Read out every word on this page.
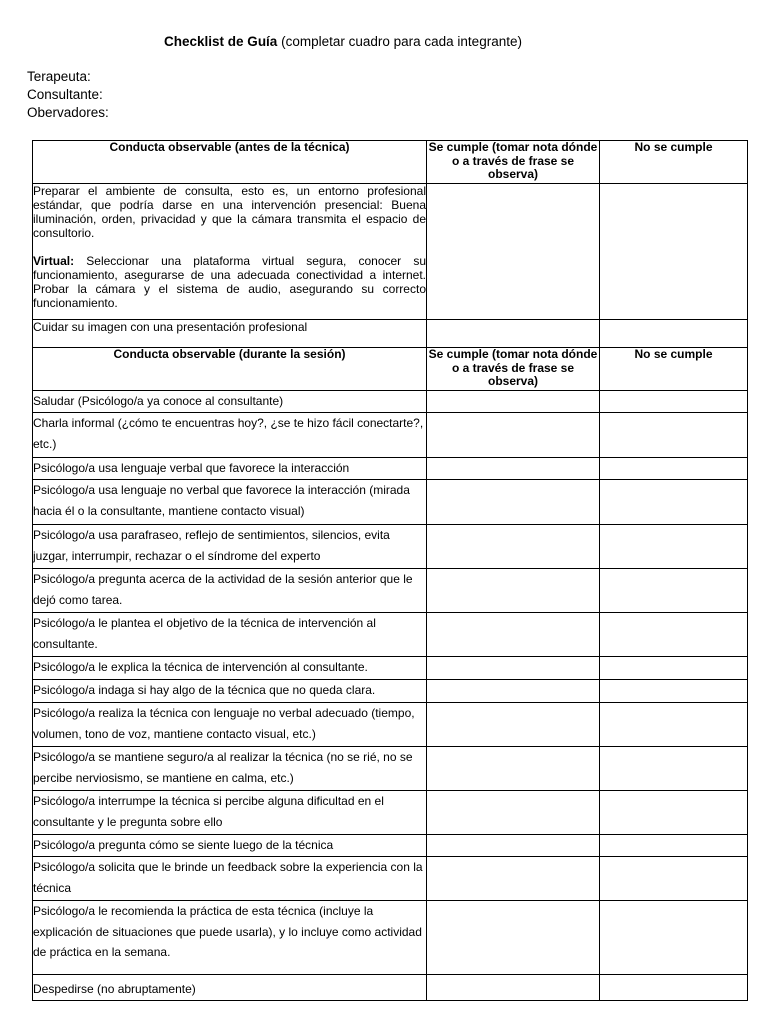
Checklist de Guía (completar cuadro para cada integrante)
Terapeuta:
Consultante:
Obervadores:
Conducta observable (antes de la técnica)	Se cumple (tomar nota dónde o a través de frase se observa)	No se cumple

Preparar el ambiente de consulta, esto es, un entorno profesional estándar, que podría darse en una intervención presencial: Buena iluminación, orden, privacidad y que la cámara transmita el espacio de consultorio.
Virtual: Seleccionar una plataforma virtual segura, conocer su funcionamiento, asegurarse de una adecuada conectividad a internet. Probar la cámara y el sistema de audio, asegurando su correcto funcionamiento.		

Cuidar su imagen con una presentación profesional		
Conducta observable (durante la sesión)	Se cumple (tomar nota dónde o a través de frase se observa)	No se cumple
Saludar (Psicólogo/a ya conoce al consultante)		
Charla informal (¿cómo te encuentras hoy?, ¿se te hizo fácil conectarte?, etc.)		
Psicólogo/a usa lenguaje verbal que favorece la interacción		
Psicólogo/a usa lenguaje no verbal que favorece la interacción (mirada hacia él o la consultante, mantiene contacto visual)		
Psicólogo/a usa parafraseo, reflejo de sentimientos, silencios, evita juzgar, interrumpir, rechazar o el síndrome del experto		
Psicólogo/a pregunta acerca de la actividad de la sesión anterior que le dejó como tarea.		
Psicólogo/a le plantea el objetivo de la técnica de intervención al consultante.		
Psicólogo/a le explica la técnica de intervención al consultante.		
Psicólogo/a indaga si hay algo de la técnica que no queda clara.		
Psicólogo/a realiza la técnica con lenguaje no verbal adecuado (tiempo, volumen, tono de voz, mantiene contacto visual, etc.)		
Psicólogo/a se mantiene seguro/a al realizar la técnica (no se rié, no se percibe nerviosismo, se mantiene en calma, etc.)		
Psicólogo/a interrumpe la técnica si percibe alguna dificultad en el consultante y le pregunta sobre ello		
Psicólogo/a pregunta cómo se siente luego de la técnica		
Psicólogo/a solicita que le brinde un feedback sobre la experiencia con la técnica		
Psicólogo/a le recomienda la práctica de esta técnica (incluye la explicación de situaciones que puede usarla), y lo incluye como actividad de práctica en la semana.		
Despedirse (no abruptamente)		
